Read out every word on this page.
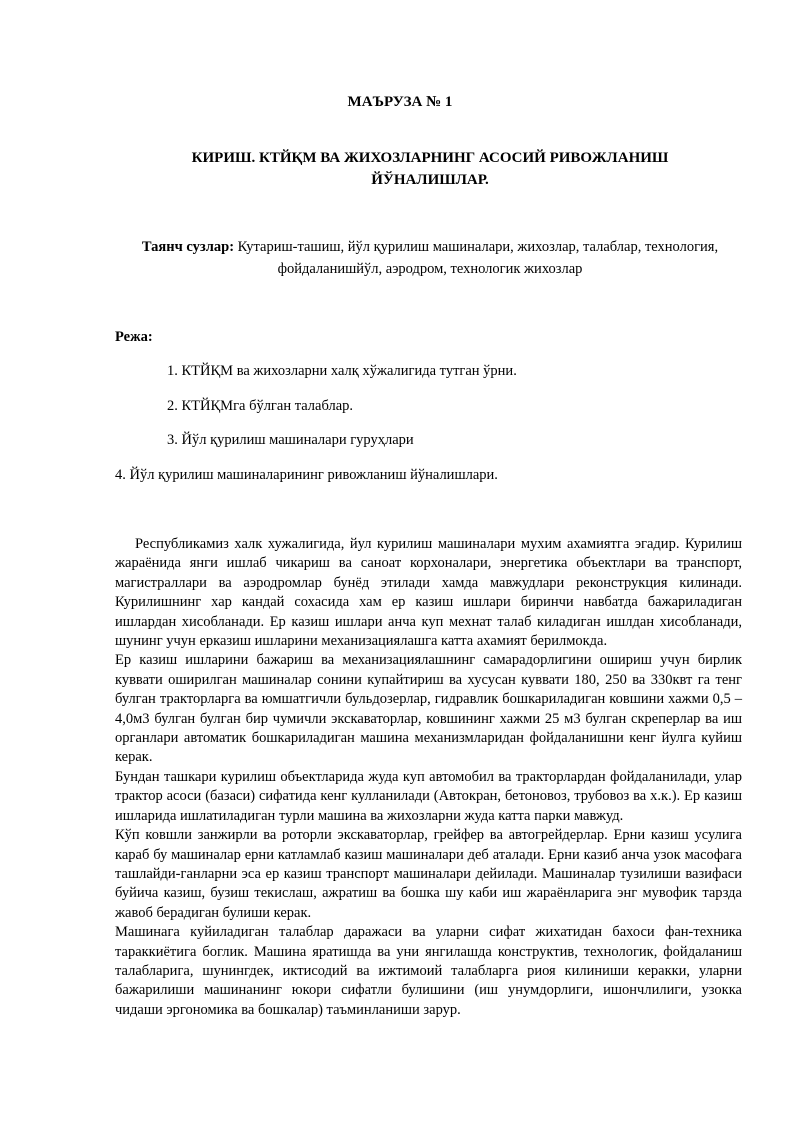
МАЪРУЗА № 1
КИРИШ. КТЙҚМ ВА ЖИХОЗЛАРНИНГ АСОСИЙ РИВОЖЛАНИШ ЙЎНАЛИШЛАР.
Таянч сузлар: Кутариш-ташиш, йўл қурилиш машиналари, жихозлар, талаблар, технология, фойдаланишйўл, аэродром, технологик жихозлар
Режа:
1. КТЙҚМ ва жихозларни халқ хўжалигида тутган ўрни.
2. КТЙҚМга бўлган талаблар.
3. Йўл қурилиш машиналари гуруҳлари
4. Йўл қурилиш машиналарининг ривожланиш йўналишлари.

Республикамиз халк хужалигида, йул курилиш машиналари мухим ахамиятга эгадир. Курилиш жараёнида янги ишлаб чикариш ва саноат корхоналари, энергетика объектлари ва транспорт, магистраллари ва аэродромлар бунёд этилади хамда мавжудлари реконструкция килинади. Курилишнинг хар кандай сохасида хам ер казиш ишлари биринчи навбатда бажариладиган ишлардан хисобланади. Ер казиш ишлари анча куп мехнат талаб киладиган ишлдан хисобланади, шунинг учун ерказиш ишларини механизациялашга катта ахамият берилмокда.

Ер казиш ишларини бажариш ва механизациялашнинг самарадорлигини ошириш учун бирлик куввати оширилган машиналар сонини купайтириш ва хусусан куввати 180, 250 ва 330квт га тенг булган тракторларга ва юмшатгичли бульдозерлар, гидравлик бошкариладиган ковшини хажми 0,5 – 4,0м3 булган булган бир чумичли экскаваторлар, ковшининг хажми 25 м3 булган скреперлар ва иш органлари автоматик бошкариладиган машина механизмларидан фойдаланишни кенг йулга куйиш керак.

Бундан ташкари курилиш объектларида жуда куп автомобил ва тракторлардан фойдаланилади, улар трактор асоси (базаси) сифатида кенг кулланилади (Автокран, бетоновоз, трубовоз ва х.к.). Ер казиш ишларида ишлатиладиган турли машина ва жихозларни жуда катта парки мавжуд.

Кўп ковшли занжирли ва роторли экскаваторлар, грейфер ва автогрейдерлар. Ерни казиш усулига караб бу машиналар ерни катламлаб казиш машиналари деб аталади. Ерни казиб анча узок масофага ташлайди-ганларни эса ер казиш транспорт машиналари дейилади. Машиналар тузилиши вазифаси буйича казиш, бузиш текислаш, ажратиш ва бошка шу каби иш жараёнларига энг мувофик тарзда жавоб берадиган булиши керак.

Машинага куйиладиган талаблар даражаси ва уларни сифат жихатидан бахоси фан-техника тараккиётига боглик. Машина яратишда ва уни янгилашда конструктив, технологик, фойдаланиш талабларига, шунингдек, иктисодий ва ижтимоий талабларга риоя килиниши керакки, уларни бажарилиши машинанинг юкори сифатли булишини (иш унумдорлиги, ишончлилиги, узокка чидаши эргономика ва бошкалар) таъминланиши зарур.
